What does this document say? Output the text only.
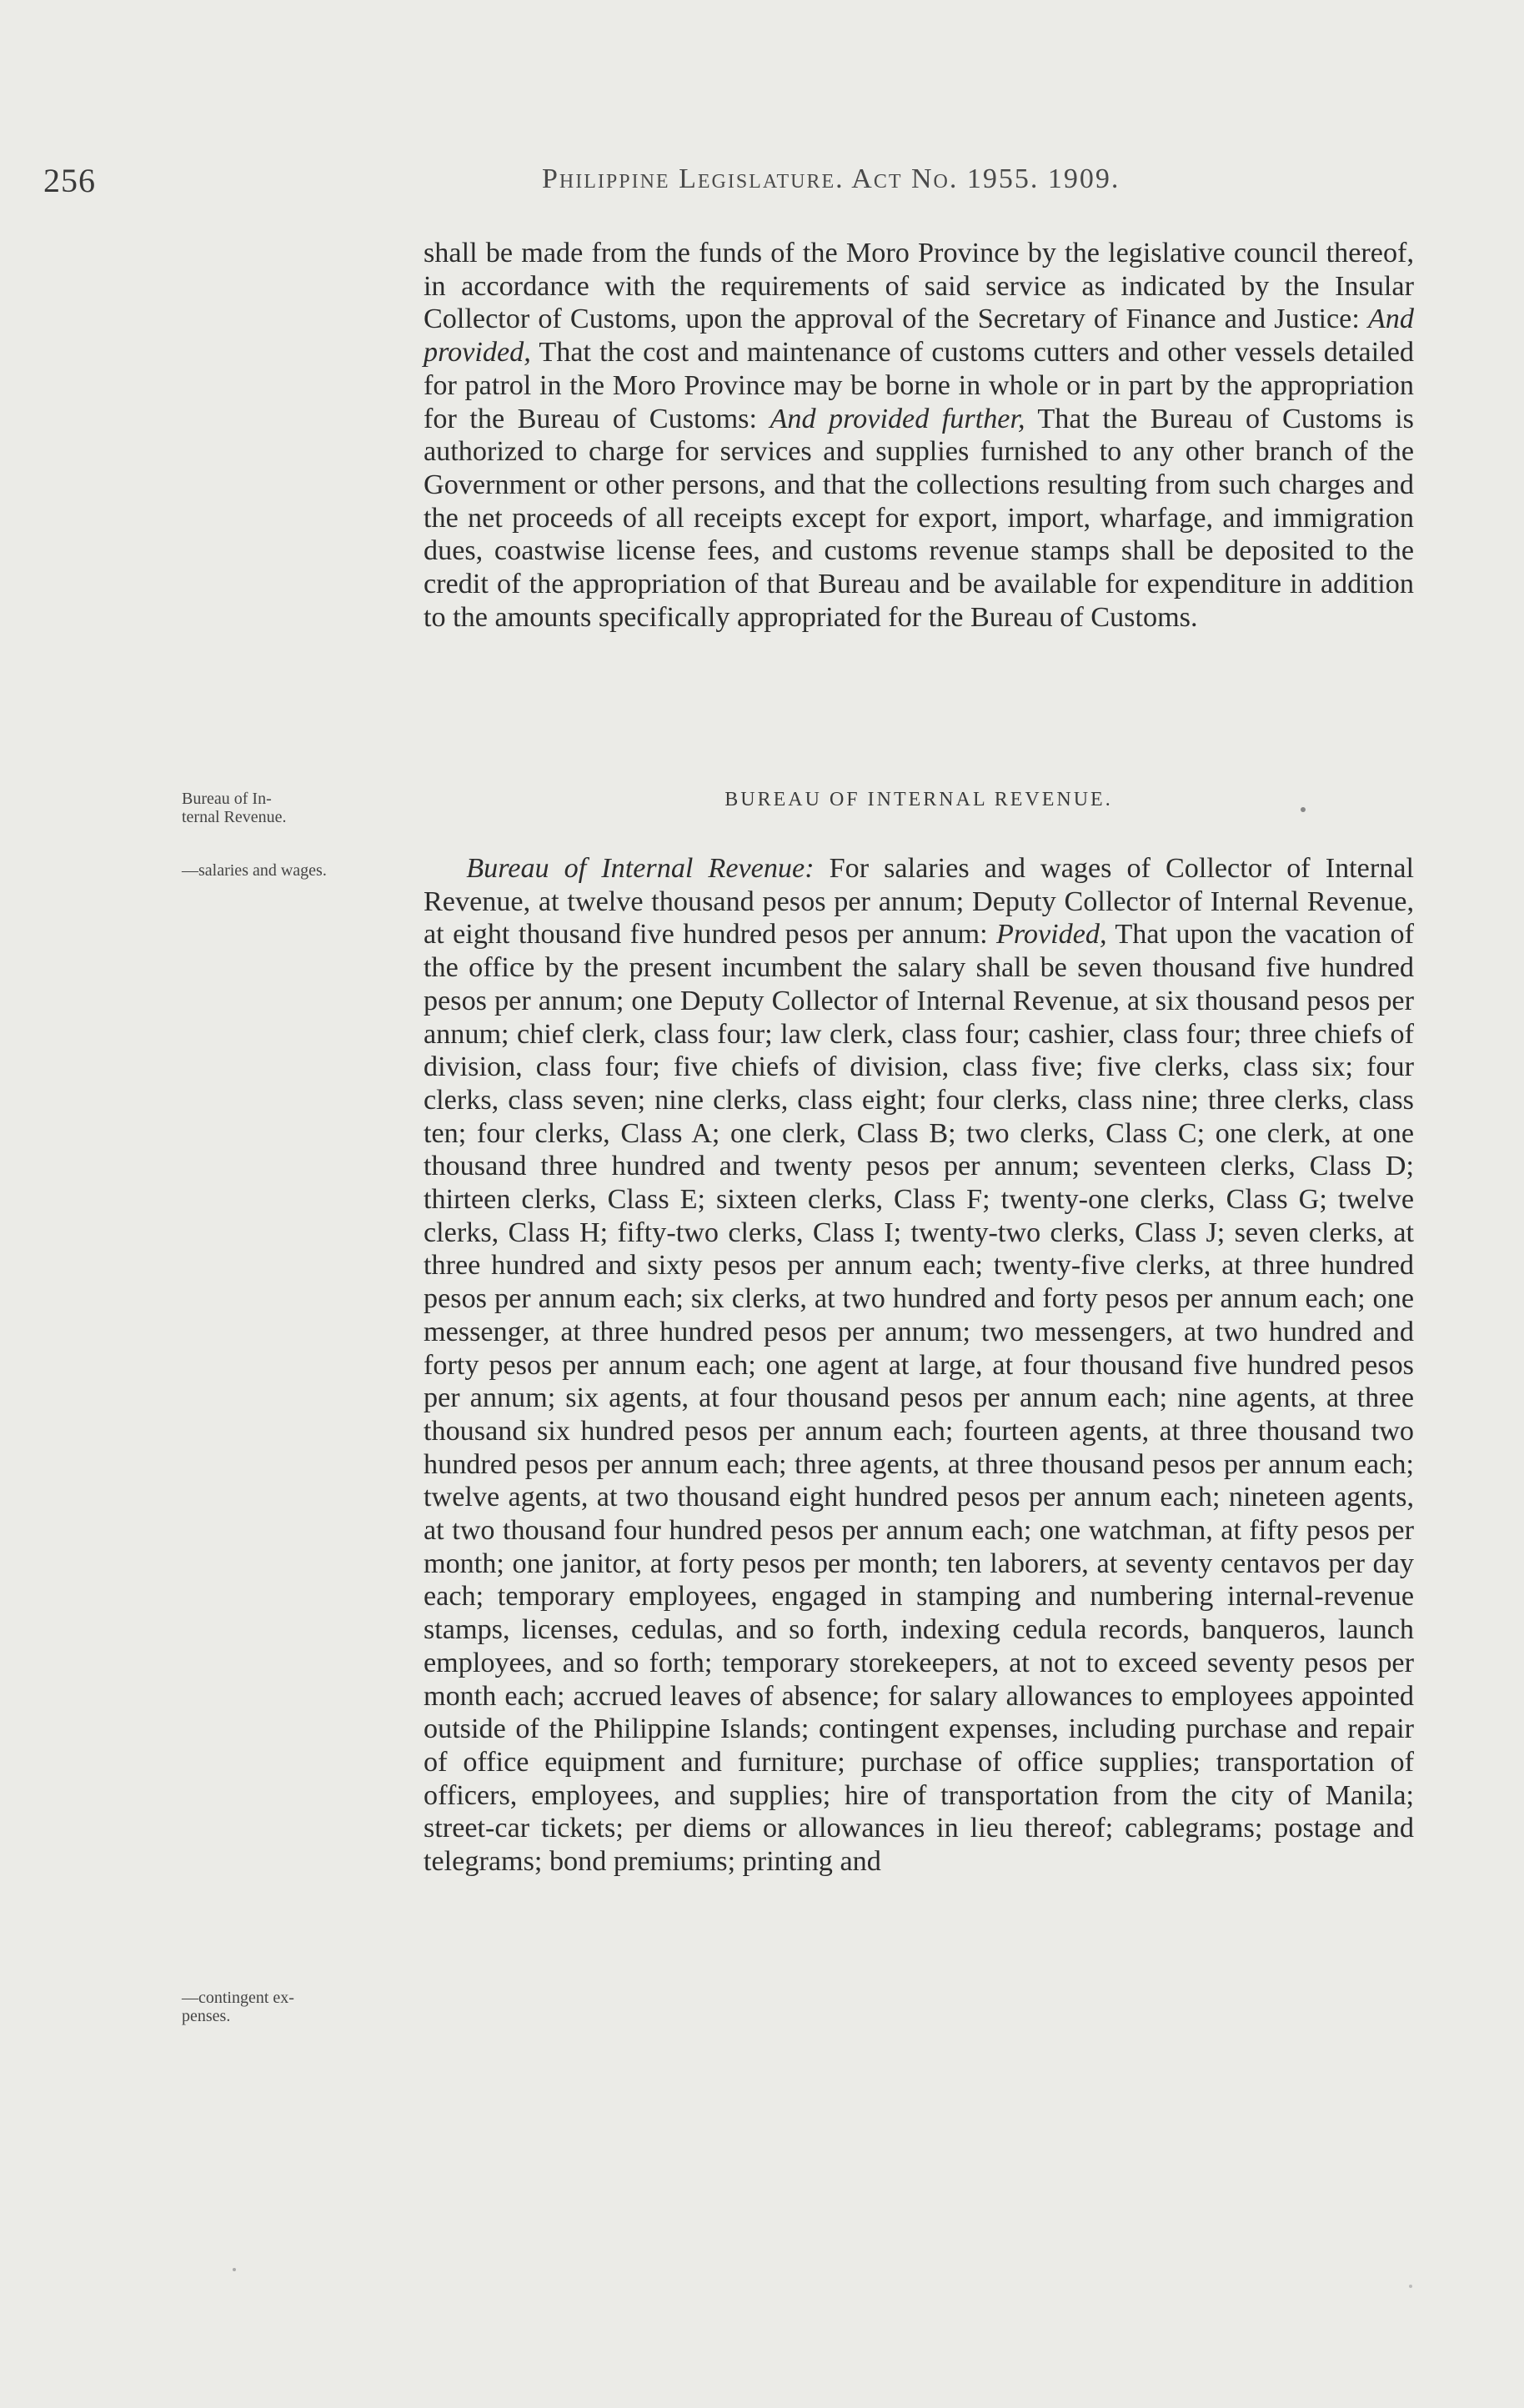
256	Philippine Legislature. Act No. 1955. 1909.

shall be made from the funds of the Moro Province by the legislative council thereof, in accordance with the requirements of said service as indicated by the Insular Collector of Customs, upon the approval of the Secretary of Finance and Justice: And provided, That the cost and maintenance of customs cutters and other vessels detailed for patrol in the Moro Province may be borne in whole or in part by the appropriation for the Bureau of Customs: And provided further, That the Bureau of Customs is authorized to charge for services and supplies furnished to any other branch of the Government or other persons, and that the collections resulting from such charges and the net proceeds of all receipts except for export, import, wharfage, and immigration dues, coastwise license fees, and customs revenue stamps shall be deposited to the credit of the appropriation of that Bureau and be available for expenditure in addition to the amounts specifically appropriated for the Bureau of Customs.

Bureau of In-
ternal Revenue.
BUREAU OF INTERNAL REVENUE.
—salaries and wages.

  	Bureau of Internal Revenue: For salaries and wages of Collector of Internal Revenue, at twelve thousand pesos per annum; Deputy Collector of Internal Revenue, at eight thousand five hundred pesos per annum: Provided, That upon the vacation of the office by the present incumbent the salary shall be seven thousand five hundred pesos per annum; one Deputy Collector of Internal Revenue, at six thousand pesos per annum; chief clerk, class four; law clerk, class four; cashier, class four; three chiefs of division, class four; five chiefs of division, class five; five clerks, class six; four clerks, class seven; nine clerks, class eight; four clerks, class nine; three clerks, class ten; four clerks, Class A; one clerk, Class B; two clerks, Class C; one clerk, at one thousand three hundred and twenty pesos per annum; seventeen clerks, Class D; thirteen clerks, Class E; sixteen clerks, Class F; twenty-one clerks, Class G; twelve clerks, Class H; fifty-two clerks, Class I; twenty-two clerks, Class J; seven clerks, at three hundred and sixty pesos per annum each; twenty-five clerks, at three hundred pesos per annum each; six clerks, at two hundred and forty pesos per annum each; one messenger, at three hundred pesos per annum; two messengers, at two hundred and forty pesos per annum each; one agent at large, at four thousand five hundred pesos per annum; six agents, at four thousand pesos per annum each; nine agents, at three thousand six hundred pesos per annum each; fourteen agents, at three thousand two hundred pesos per annum each; three agents, at three thousand pesos per annum each; twelve agents, at two thousand eight hundred pesos per annum each; nineteen agents, at two thousand four hundred pesos per annum each; one watchman, at fifty pesos per month; one janitor, at forty pesos per month; ten laborers, at seventy centavos per day each; temporary employees, engaged in stamping and numbering internal-revenue stamps, licenses, cedulas, and so forth, indexing cedula records, banqueros, launch employees, and so forth; temporary storekeepers, at not to exceed seventy pesos per month each; accrued leaves of absence; for salary allowances to employees appointed outside of the Philippine Islands; contingent expenses, including purchase and repair of office equipment and furniture; purchase of office supplies; transportation of officers, employees, and supplies; hire of transportation from the city of Manila; street-car tickets; per diems or allowances in lieu thereof; cablegrams; postage and telegrams; bond premiums; printing and

—contingent ex-
penses.
